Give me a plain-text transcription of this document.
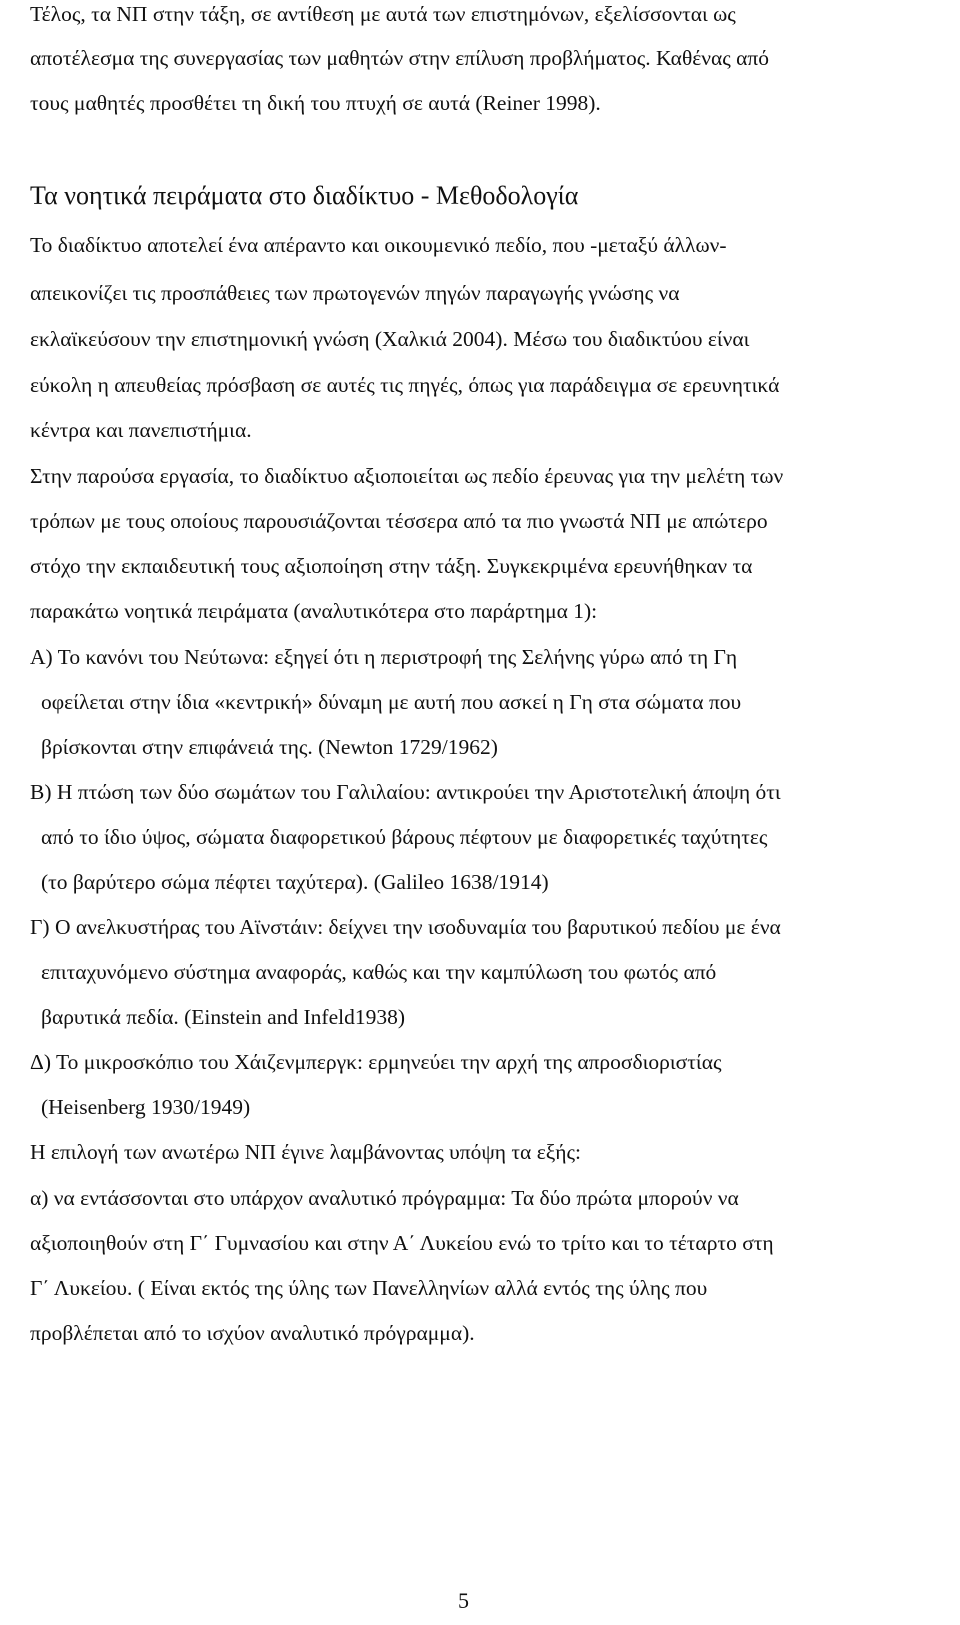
Τέλος, τα ΝΠ στην τάξη, σε αντίθεση με αυτά των επιστημόνων, εξελίσσονται ως
αποτέλεσμα της συνεργασίας των μαθητών στην επίλυση προβλήματος. Καθένας από
τους μαθητές προσθέτει τη δική του πτυχή σε αυτά (Reiner 1998).
Τα νοητικά πειράματα στο διαδίκτυο - Μεθοδολογία
Το διαδίκτυο αποτελεί ένα απέραντο και οικουμενικό πεδίο, που -μεταξύ άλλων-
απεικονίζει τις προσπάθειες των πρωτογενών πηγών παραγωγής γνώσης να
εκλαϊκεύσουν την επιστημονική γνώση (Χαλκιά 2004). Μέσω του διαδικτύου είναι
εύκολη η απευθείας πρόσβαση σε αυτές τις πηγές, όπως για παράδειγμα σε ερευνητικά
κέντρα και πανεπιστήμια.
Στην παρούσα εργασία, το διαδίκτυο αξιοποιείται ως πεδίο έρευνας για την μελέτη των
τρόπων με τους οποίους παρουσιάζονται τέσσερα από τα πιο γνωστά ΝΠ με απώτερο
στόχο την εκπαιδευτική τους αξιοποίηση στην τάξη. Συγκεκριμένα ερευνήθηκαν τα
παρακάτω νοητικά πειράματα (αναλυτικότερα στο παράρτημα 1):
Α) Το κανόνι του Νεύτωνα: εξηγεί ότι η περιστροφή της Σελήνης γύρω από τη Γη
οφείλεται στην ίδια «κεντρική» δύναμη με αυτή που ασκεί η Γη στα σώματα που
βρίσκονται στην επιφάνειά της. (Newton 1729/1962)
Β) Η πτώση των δύο σωμάτων του Γαλιλαίου: αντικρούει την Αριστοτελική άποψη ότι
από το ίδιο ύψος, σώματα διαφορετικού βάρους πέφτουν με διαφορετικές ταχύτητες
(το βαρύτερο σώμα πέφτει ταχύτερα). (Galileo 1638/1914)
Γ) Ο ανελκυστήρας του Αϊνστάιν: δείχνει την ισοδυναμία του βαρυτικού πεδίου με ένα
επιταχυνόμενο σύστημα αναφοράς, καθώς και την καμπύλωση του φωτός από
βαρυτικά πεδία. (Einstein and Infeld1938)
Δ) Το μικροσκόπιο του Χάιζενμπεργκ: ερμηνεύει την αρχή της απροσδιοριστίας
(Heisenberg 1930/1949)
Η επιλογή των ανωτέρω ΝΠ έγινε λαμβάνοντας υπόψη τα εξής:
α) να εντάσσονται στο υπάρχον αναλυτικό πρόγραμμα: Τα δύο πρώτα μπορούν να
αξιοποιηθούν στη Γ΄ Γυμνασίου και στην Α΄ Λυκείου ενώ το τρίτο και το τέταρτο στη
Γ΄ Λυκείου. ( Είναι εκτός της ύλης των Πανελληνίων αλλά εντός της ύλης που
προβλέπεται από το ισχύον αναλυτικό πρόγραμμα).
5
